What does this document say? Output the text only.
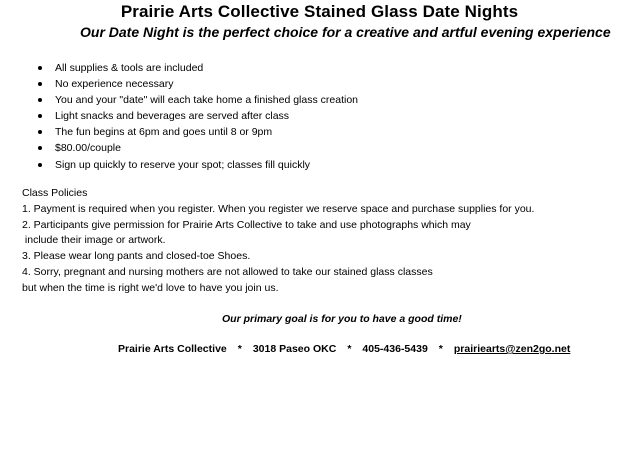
Prairie Arts Collective Stained Glass Date Nights

Our Date Night is the perfect choice for a creative and artful evening experience

All supplies & tools are included
No experience necessary
You and your "date" will each take home a finished glass creation
Light snacks and beverages are served after class
The fun begins at 6pm and goes until 8 or 9pm
$80.00/couple
Sign up quickly to reserve your spot; classes fill quickly
Class Policies
1. Payment is required when you register. When you register we reserve space and purchase supplies for you.
2. Participants give permission for Prairie Arts Collective to take and use photographs which may
include their image or artwork.
3. Please wear long pants and closed-toe Shoes.
4. Sorry, pregnant and nursing mothers are not allowed to take our stained glass classes
but when the time is right we'd love to have you join us.

Our primary goal is for you to have a good time!

Prairie Arts Collective * 3018 Paseo OKC * 405-436-5439 * prairiearts@zen2go.net
